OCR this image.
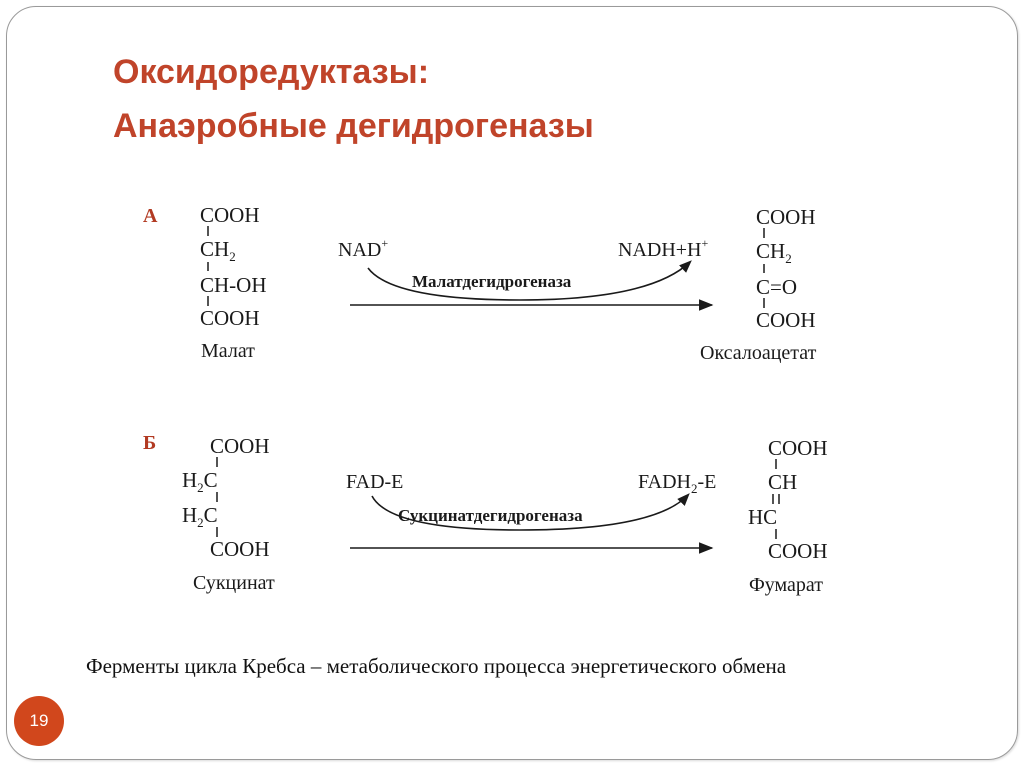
Оксидоредуктазы:
Анаэробные дегидрогеназы
А COOH
$CH_2$
CH-OH
COOH
Малат
NAD+	NADH+H+
Малатдегидрогеназа
COOH
$CH_2$
C=O
COOH
Оксалоацетат
Б	COOH
$H_2C$
$H_2C$
COOH
Сукцинат
FAD-E	$FADH_2-E$
Сукцинатдегидрогеназа
COOH
CH
HC
COOH
Фумарат
Ферменты цикла Кребса – метаболического процесса энергетического обмена
19
